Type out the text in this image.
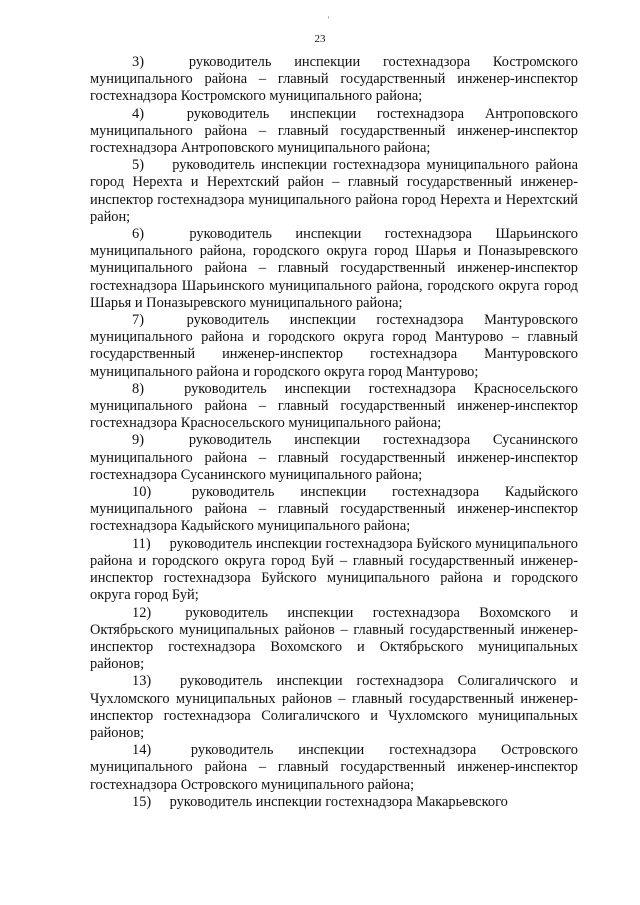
'
23

3)	руководитель инспекции гостехнадзора Костромского муниципального района – главный государственный инженер-инспектор гостехнадзора Костромского муниципального района;

4)	руководитель инспекции гостехнадзора Антроповского муниципального района – главный государственный инженер-инспектор гостехнадзора Антроповского муниципального района;

5) руководитель инспекции гостехнадзора муниципального района город Нерехта и Нерехтский район – главный государственный инженер-инспектор гостехнадзора муниципального района город Нерехта и Нерехтский район;

6)	руководитель инспекции гостехнадзора Шарьинского муниципального района, городского округа город Шарья и Поназыревского муниципального района – главный государственный инженер-инспектор гостехнадзора Шарьинского муниципального района, городского округа город Шарья и Поназыревского муниципального района;

7)	руководитель инспекции гостехнадзора Мантуровского муниципального района и городского округа город Мантурово – главный государственный инженер-инспектор гостехнадзора Мантуровского муниципального района и городского округа город Мантурово;

8)	руководитель инспекции гостехнадзора Красносельского муниципального района – главный государственный инженер-инспектор гостехнадзора Красносельского муниципального района;

9)	руководитель инспекции гостехнадзора Сусанинского муниципального района – главный государственный инженер-инспектор гостехнадзора Сусанинского муниципального района;

10)	руководитель инспекции гостехнадзора Кадыйского муниципального района – главный государственный инженер-инспектор гостехнадзора Кадыйского муниципального района;

11) руководитель инспекции гостехнадзора Буйского муниципального района и городского округа город Буй – главный государственный инженер-инспектор гостехнадзора Буйского муниципального района и городского округа город Буй;

12) руководитель инспекции гостехнадзора Вохомского и Октябрьского муниципальных районов – главный государственный инженер-инспектор гостехнадзора Вохомского и Октябрьского муниципальных районов;

13) руководитель инспекции гостехнадзора Солигаличского и Чухломского муниципальных районов – главный государственный инженер-инспектор гостехнадзора Солигаличского и Чухломского муниципальных районов;

14)	руководитель инспекции гостехнадзора Островского муниципального района – главный государственный инженер-инспектор гостехнадзора Островского муниципального района;

15) руководитель инспекции гостехнадзора Макарьевского
